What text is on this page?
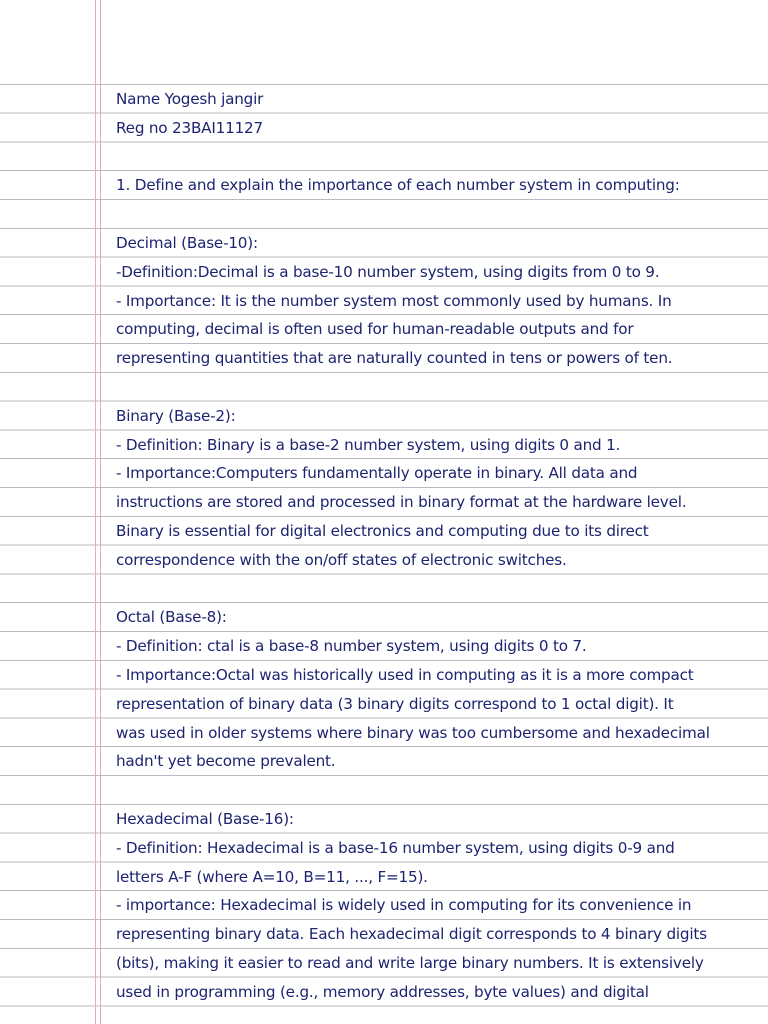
Name Yogesh jangir
Reg no 23BAI11127
1. Define and explain the importance of each number system in computing:
Decimal (Base-10):
-Definition:Decimal is a base-10 number system, using digits from 0 to 9.
- Importance: It is the number system most commonly used by humans. In
computing, decimal is often used for human-readable outputs and for
representing quantities that are naturally counted in tens or powers of ten.
Binary (Base-2):
- Definition: Binary is a base-2 number system, using digits 0 and 1.
- Importance:Computers fundamentally operate in binary. All data and
instructions are stored and processed in binary format at the hardware level.
Binary is essential for digital electronics and computing due to its direct
correspondence with the on/off states of electronic switches.
Octal (Base-8):
- Definition: ctal is a base-8 number system, using digits 0 to 7.
- Importance:Octal was historically used in computing as it is a more compact
representation of binary data (3 binary digits correspond to 1 octal digit). It
was used in older systems where binary was too cumbersome and hexadecimal
hadn't yet become prevalent.
Hexadecimal (Base-16):
- Definition: Hexadecimal is a base-16 number system, using digits 0-9 and
letters A-F (where A=10, B=11, ..., F=15).
- importance: Hexadecimal is widely used in computing for its convenience in
representing binary data. Each hexadecimal digit corresponds to 4 binary digits
(bits), making it easier to read and write large binary numbers. It is extensively
used in programming (e.g., memory addresses, byte values) and digital
